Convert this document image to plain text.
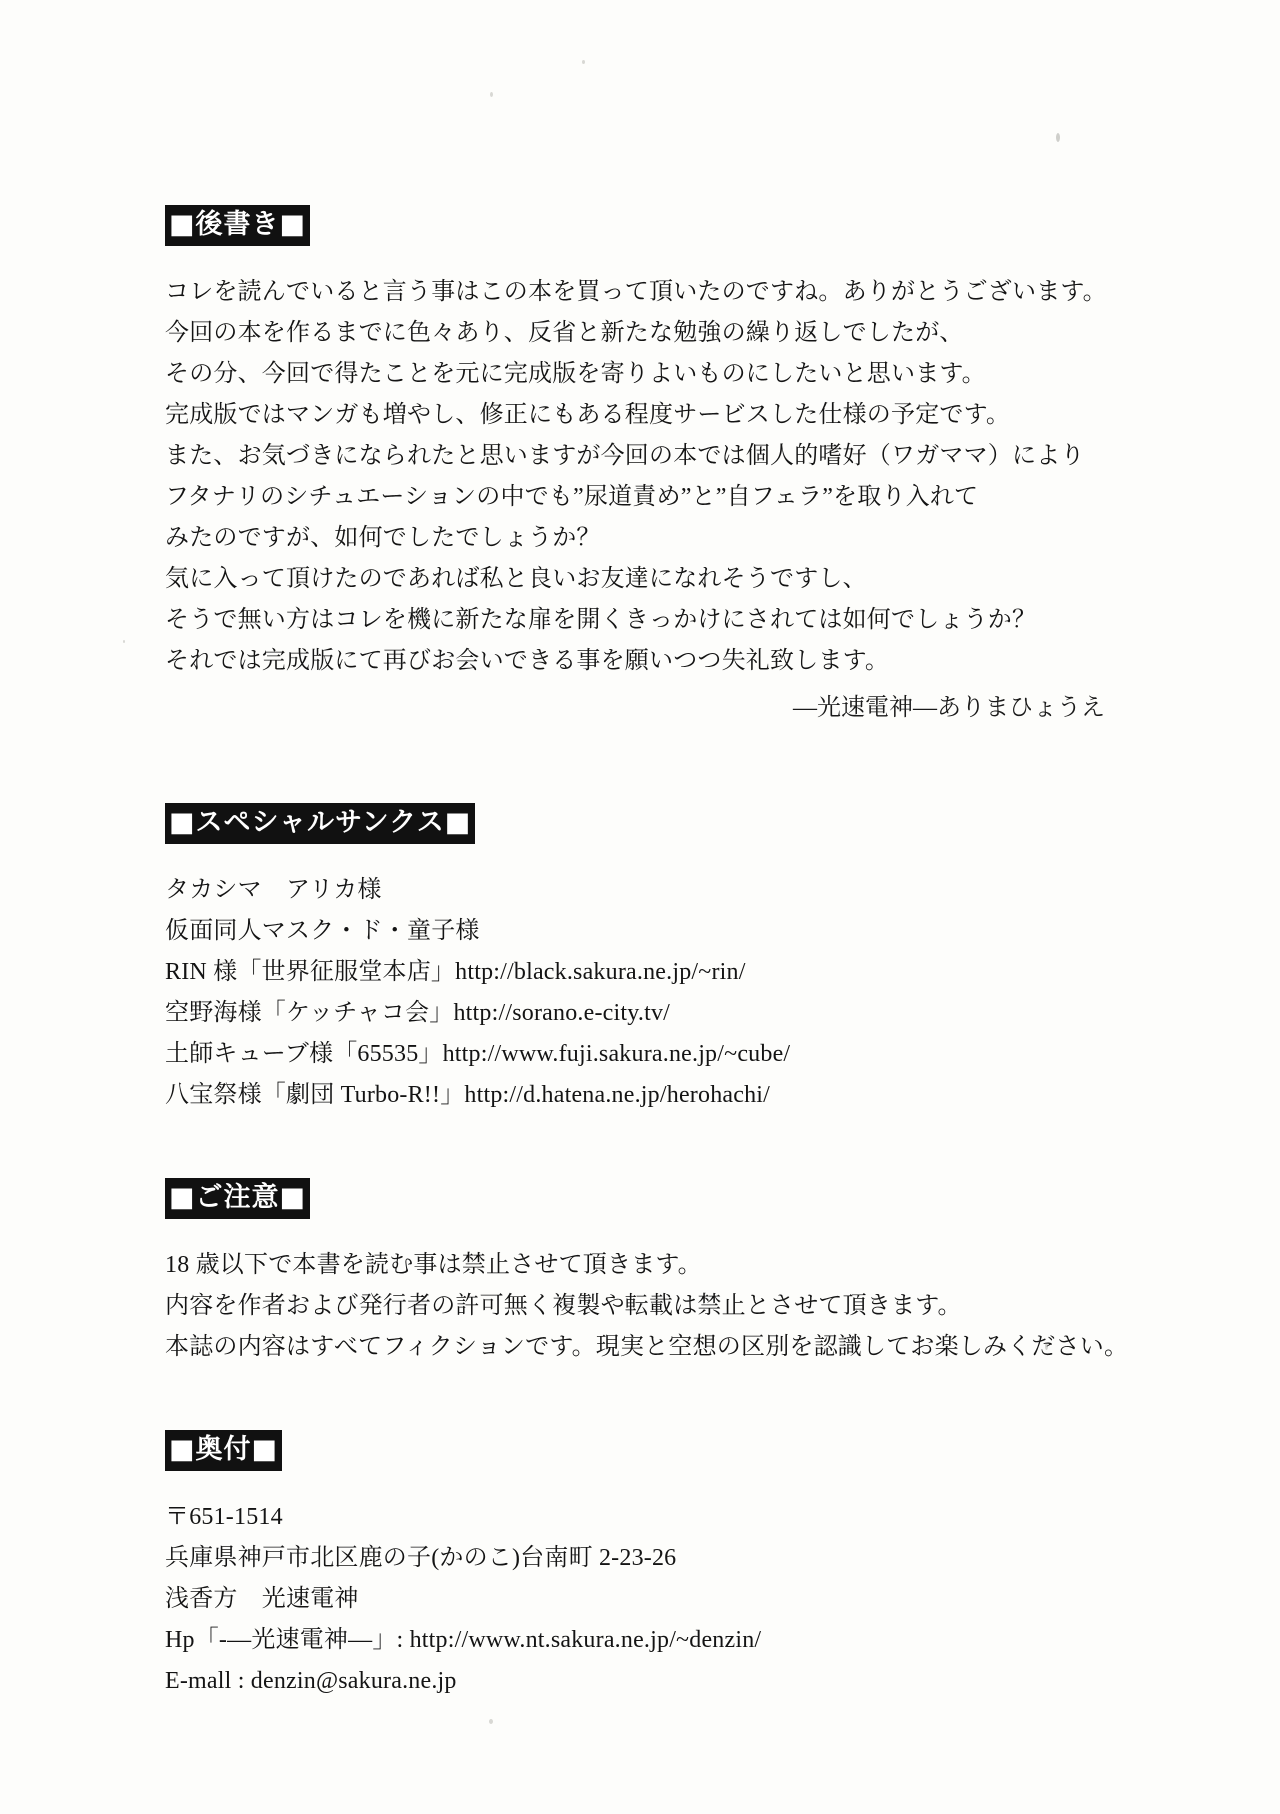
■後書き■
コレを読んでいると言う事はこの本を買って頂いたのですね。ありがとうございます。
今回の本を作るまでに色々あり、反省と新たな勉強の繰り返しでしたが、
その分、今回で得たことを元に完成版を寄りよいものにしたいと思います。
完成版ではマンガも増やし、修正にもある程度サービスした仕様の予定です。
また、お気づきになられたと思いますが今回の本では個人的嗜好（ワガママ）により
フタナリのシチュエーションの中でも”尿道責め”と”自フェラ”を取り入れて
みたのですが、如何でしたでしょうか？
気に入って頂けたのであれば私と良いお友達になれそうですし、
そうで無い方はコレを機に新たな扉を開くきっかけにされては如何でしょうか？
それでは完成版にて再びお会いできる事を願いつつ失礼致します。
―光速電神―ありまひょうえ
■スペシャルサンクス■
タカシマ　アリカ様
仮面同人マスク・ド・童子様
RIN 様「世界征服堂本店」http://black.sakura.ne.jp/~rin/
空野海様「ケッチャコ会」http://sorano.e-city.tv/
土師キューブ様「65535」http://www.fuji.sakura.ne.jp/~cube/
八宝祭様「劇団 Turbo-R!!」http://d.hatena.ne.jp/herohachi/
■ご注意■
18 歳以下で本書を読む事は禁止させて頂きます。
内容を作者および発行者の許可無く複製や転載は禁止とさせて頂きます。
本誌の内容はすべてフィクションです。現実と空想の区別を認識してお楽しみください。
■奥付■
〒651-1514
兵庫県神戸市北区鹿の子(かのこ)台南町 2-23-26
浅香方　光速電神
Hp「-―光速電神―」: http://www.nt.sakura.ne.jp/~denzin/
E-mall : denzin@sakura.ne.jp
